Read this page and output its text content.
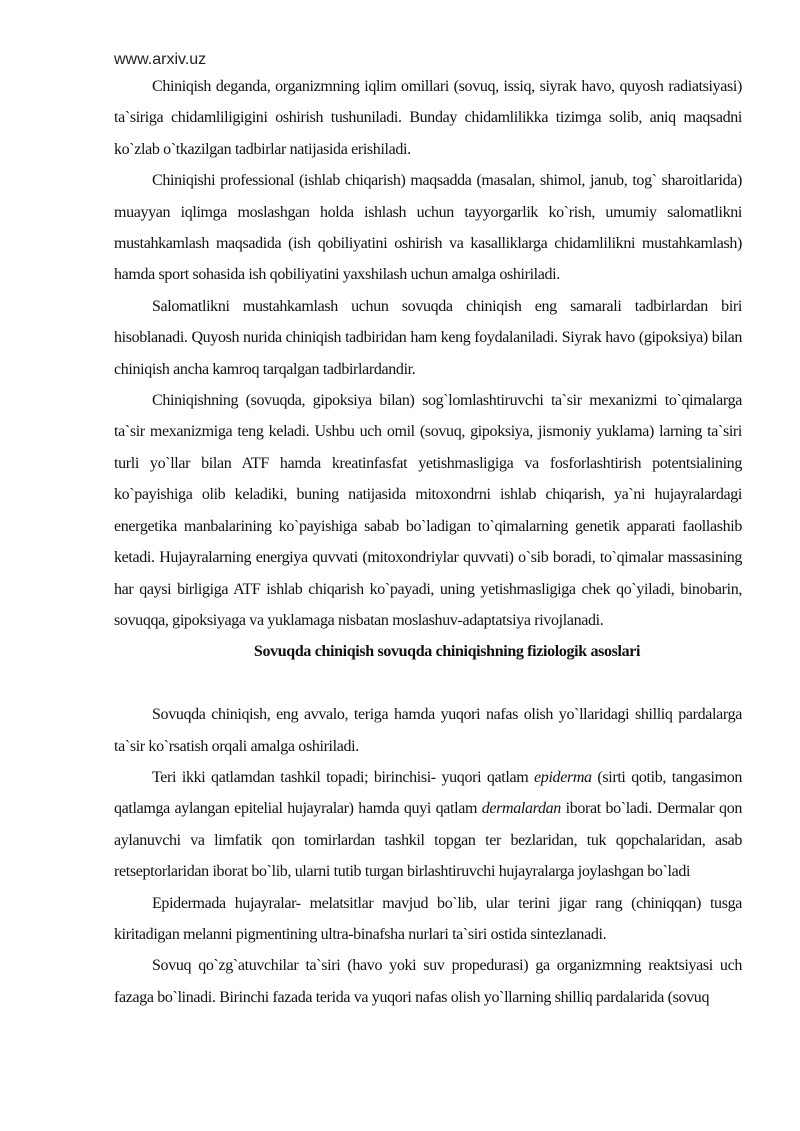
www.arxiv.uz

Chiniqish deganda, organizmning iqlim omillari (sovuq, issiq, siyrak havo, quyosh radiatsiyasi) ta`siriga chidamliligigini oshirish tushuniladi. Bunday chidamlilikka tizimga solib, aniq maqsadni ko`zlab o`tkazilgan tadbirlar natijasida erishiladi.

Chiniqishi professional (ishlab chiqarish) maqsadda (masalan, shimol, janub, tog` sharoitlarida) muayyan iqlimga moslashgan holda ishlash uchun tayyorgarlik ko`rish, umumiy salomatlikni mustahkamlash maqsadida (ish qobiliyatini oshirish va kasalliklarga chidamlilikni mustahkamlash) hamda sport sohasida ish qobiliyatini yaxshilash uchun amalga oshiriladi.

Salomatlikni mustahkamlash uchun sovuqda chiniqish eng samarali tadbirlardan biri hisoblanadi. Quyosh nurida chiniqish tadbiridan ham keng foydalaniladi. Siyrak havo (gipoksiya) bilan chiniqish ancha kamroq tarqalgan tadbirlardandir.

Chiniqishning (sovuqda, gipoksiya bilan) sog`lomlashtiruvchi ta`sir mexanizmi to`qimalarga ta`sir mexanizmiga teng keladi. Ushbu uch omil (sovuq, gipoksiya, jismoniy yuklama) larning ta`siri turli yo`llar bilan ATF hamda kreatinfasfat yetishmasligiga va fosforlashtirish potentsialining ko`payishiga olib keladiki, buning natijasida mitoxondrni ishlab chiqarish, ya`ni hujayralardagi energetika manbalarining ko`payishiga sabab bo`ladigan to`qimalarning genetik apparati faollashib ketadi. Hujayralarning energiya quvvati (mitoxondriylar quvvati) o`sib boradi, to`qimalar massasining har qaysi birligiga ATF ishlab chiqarish ko`payadi, uning yetishmasligiga chek qo`yiladi, binobarin, sovuqqa, gipoksiyaga va yuklamaga nisbatan moslashuv-adaptatsiya rivojlanadi.

Sovuqda chiniqish sovuqda chiniqishning fiziologik asoslari

Sovuqda chiniqish, eng avvalo, teriga hamda yuqori nafas olish yo`llaridagi shilliq pardalarga ta`sir ko`rsatish orqali amalga oshiriladi.

Teri ikki qatlamdan tashkil topadi; birinchisi- yuqori qatlam epiderma (sirti qotib, tangasimon qatlamga aylangan epitelial hujayralar) hamda quyi qatlam dermalardan iborat bo`ladi. Dermalar qon aylanuvchi va limfatik qon tomirlardan tashkil topgan ter bezlaridan, tuk qopchalaridan, asab retseptorlaridan iborat bo`lib, ularni tutib turgan birlashtiruvchi hujayralarga joylashgan bo`ladi

Epidermada hujayralar- melatsitlar mavjud bo`lib, ular terini jigar rang (chiniqqan) tusga kiritadigan melanni pigmentining ultra-binafsha nurlari ta`siri ostida sintezlanadi.

Sovuq qo`zg`atuvchilar ta`siri (havo yoki suv propedurasi) ga organizmning reaktsiyasi uch fazaga bo`linadi. Birinchi fazada terida va yuqori nafas olish yo`llarning shilliq pardalarida (sovuq
